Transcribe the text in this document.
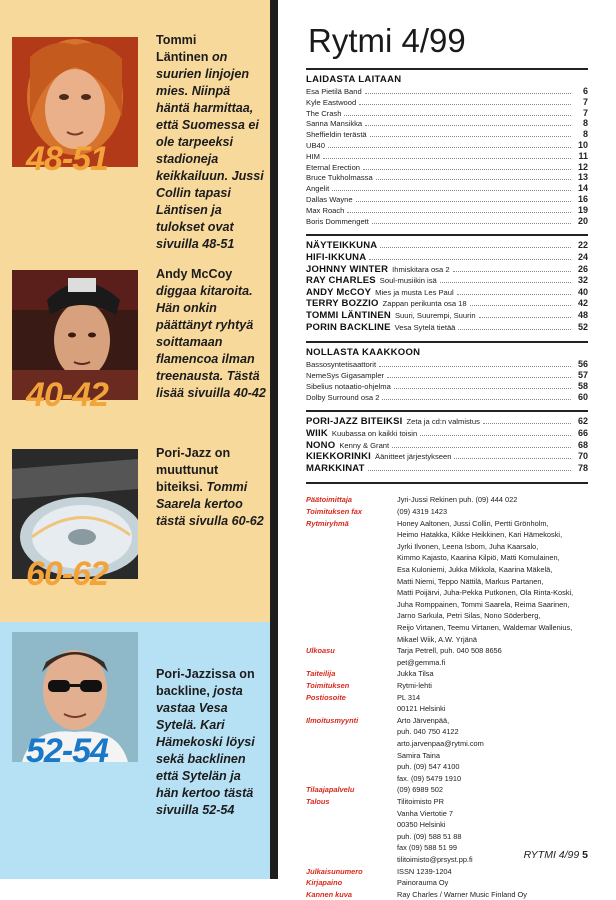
48-51
Tommi
Läntinen on suurien linjojen mies. Niinpä häntä harmittaa, että Suomessa ei ole tarpeeksi stadioneja keikkailuun. Jussi Collin tapasi Läntisen ja tulokset ovat sivuilla 48-51
40-42
Andy McCoy diggaa kitaroita. Hän onkin päättänyt ryhtyä soittamaan flamencoa ilman treenausta. Tästä lisää sivuilla 40-42
60-62
Pori-Jazz on muuttunut biteiksi. Tommi Saarela kertoo tästä sivulla 60-62
52-54
Pori-Jazzissa on backline, josta vastaa Vesa Sytelä. Kari Hämekoski löysi sekä backlinen että Sytelän ja hän kertoo tästä sivuilla 52-54
Rytmi 4/99
LAIDASTA LAITAAN
Esa Pietilä Band	6
Kyle Eastwood	7
The Crash	7
Sanna Mansikka	8
Sheffieldin terästä	8
UB40	10
HIM	11
Eternal Erection	12
Bruce Tukholmassa	13
Angelit	14
Dallas Wayne	16
Max Roach	19
Boris Dommengett	20
NÄYTEIKKUNA	22
HIFI-IKKUNA	24
JOHNNY WINTER Ihmiskitara osa 2	26
RAY CHARLES Soul-musiikin isä	32
ANDY McCOY Mies ja musta Les Paul	40
TERRY BOZZIO Zappan perikunta osa 18	42
TOMMI LÄNTINEN Suuri, Suurempi, Suurin	48
PORIN BACKLINE Vesa Sytelä tietää	52
NOLLASTA KAAKKOON
Bassosyntetisaattorit	56
NemeSys Gigasampler	57
Sibelius notaatio-ohjelma	58
Dolby Surround osa 2	60
PORI-JAZZ BITEIKSI Zeta ja cd:n valmistus	62
WIIK Kuubassa on kaikki toisin	66
NONO Kenny & Grant	68
KIEKKORINKI Äänitteet järjestykseen	70
MARKKINAT	78
Päätoimittaja	Jyri-Jussi Rekinen puh. (09) 444 022
Toimituksen fax	(09) 4319 1423
Rytmiryhmä	Honey Aaltonen, Jussi Collin, Pertti Grönholm,
Heimo Hatakka, Kikke Heikkinen, Kari Hämekoski,
Jyrki Ilvonen, Leena Isbom, Juha Kaarsalo,
Kimmo Kajasto, Kaarina Kilpiö, Matti Komulainen,
Esa Kuloniemi, Jukka Mikkola, Kaarina Mäkelä,
Matti Niemi, Teppo Nättilä, Markus Partanen,
Matti Poijärvi, Juha-Pekka Putkonen, Ola Rinta-Koski,
Juha Romppainen, Tommi Saarela, Reima Saarinen,
Jarno Sarkula, Petri Silas, Nono Söderberg,
Reijo Virtanen, Teemu Virtanen, Waldemar Wallenius,
Mikael Wiik, A.W. Yrjänä
Ulkoasu	Tarja Petrell, puh. 040 508 8656
pet@gemma.fi
Taiteilija	Jukka Tilsa
Toimituksen	Rytmi-lehti
Postiosoite	PL 314
00121 Helsinki
Ilmoitusmyynti	Arto Järvenpää,
puh. 040 750 4122
arto.jarvenpaa@rytmi.com
Samira Taina
puh. (09) 547 4100
fax. (09) 5479 1910
Tilaajapalvelu	(09) 6989 502
Talous	Tilitoimisto PR
Vanha Viertotie 7
00350 Helsinki
puh. (09) 588 51 88
fax (09) 588 51 99
tilitoimisto@prsyst.pp.fi
Julkaisunumero	ISSN 1239-1204
Kirjapaino	Painorauma Oy
Kannen kuva	Ray Charles / Warner Music Finland Oy
RYTMI 4/99 5
